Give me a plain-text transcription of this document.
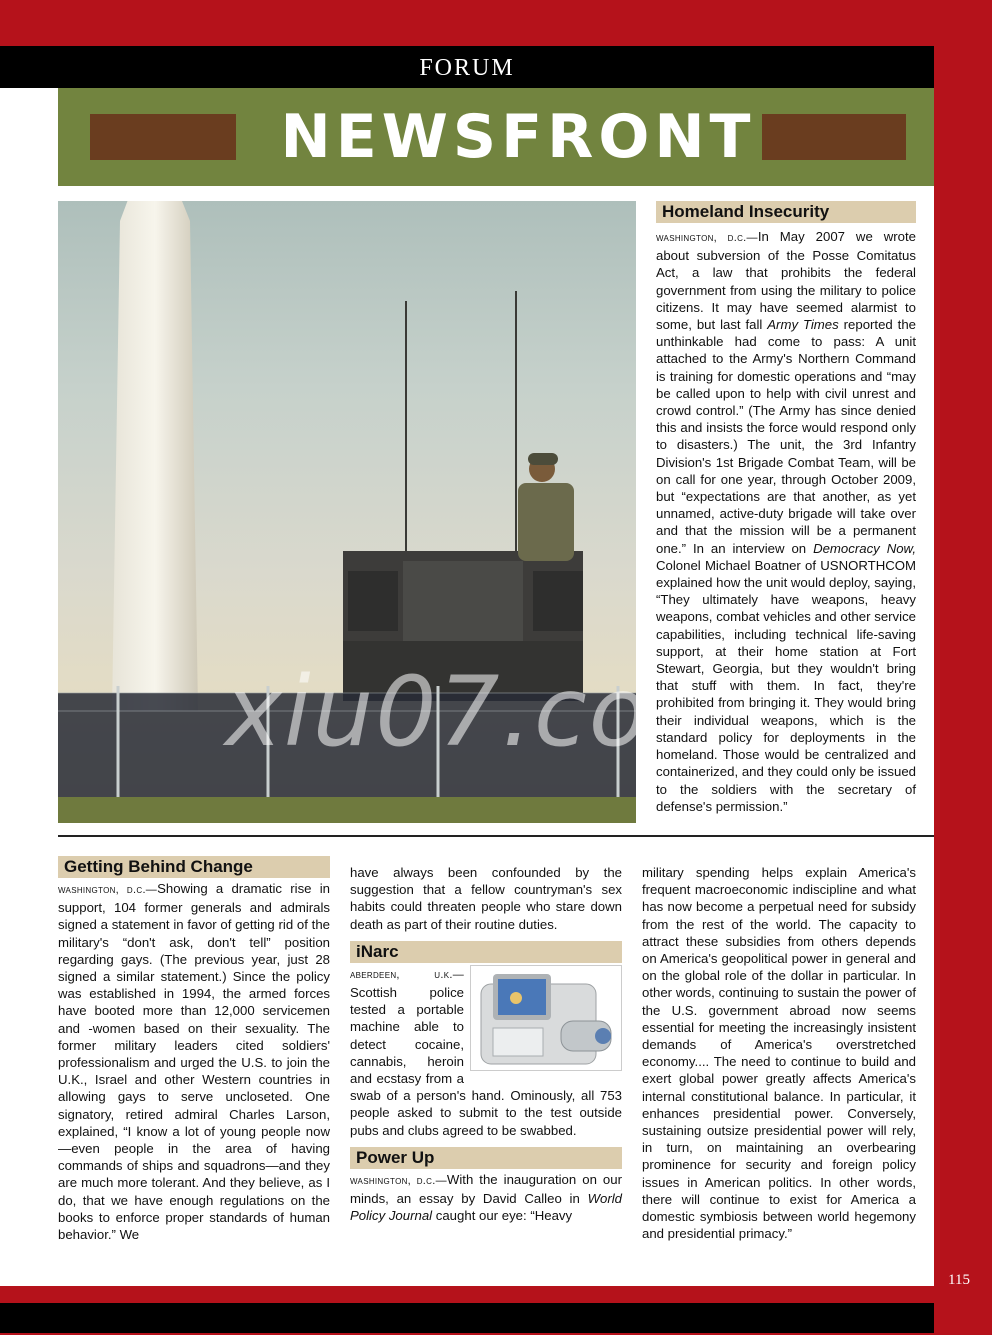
FORUM
NEWSFRONT
Homeland Insecurity
washington, d.c.—In May 2007 we wrote about subversion of the Posse Comitatus Act, a law that prohibits the federal government from using the military to police citizens. It may have seemed alarmist to some, but last fall Army Times reported the unthinkable had come to pass: A unit attached to the Army's Northern Command is training for domestic operations and “may be called upon to help with civil unrest and crowd control.” (The Army has since denied this and insists the force would respond only to disasters.) The unit, the 3rd Infantry Division's 1st Brigade Combat Team, will be on call for one year, through October 2009, but “expectations are that another, as yet unnamed, active-duty brigade will take over and that the mission will be a permanent one.” In an interview on Democracy Now, Colonel Michael Boatner of USNORTHCOM explained how the unit would deploy, saying, “They ultimately have weapons, heavy weapons, combat vehicles and other service capabilities, including technical life-saving support, at their home station at Fort Stewart, Georgia, but they wouldn't bring that stuff with them. In fact, they're prohibited from bringing it. They would bring their individual weapons, which is the standard policy for deployments in the homeland. Those would be centralized and containerized, and they could only be issued to the soldiers with the secretary of defense's permission.”
Getting Behind Change
washington, d.c.—Showing a dramatic rise in support, 104 former generals and admirals signed a statement in favor of getting rid of the military's “don't ask, don't tell” position regarding gays. (The previous year, just 28 signed a similar statement.) Since the policy was established in 1994, the armed forces have booted more than 12,000 servicemen and -women based on their sexuality. The former military leaders cited soldiers' professionalism and urged the U.S. to join the U.K., Israel and other Western countries in allowing gays to serve uncloseted. One signatory, retired admiral Charles Larson, explained, “I know a lot of young people now—even people in the area of having commands of ships and squadrons—and they are much more tolerant. And they believe, as I do, that we have enough regulations on the books to enforce proper standards of human behavior.” We
have always been confounded by the suggestion that a fellow countryman's sex habits could threaten people who stare down death as part of their routine duties.
iNarc
aberdeen, u.k.—Scottish police tested a portable machine able to detect cocaine, cannabis, heroin and ecstasy from a swab of a person's hand. Ominously, all 753 people asked to submit to the test outside pubs and clubs agreed to be swabbed.
Power Up
washington, d.c.—With the inauguration on our minds, an essay by David Calleo in World Policy Journal caught our eye: “Heavy
military spending helps explain America's frequent macroeconomic indiscipline and what has now become a perpetual need for subsidy from the rest of the world. The capacity to attract these subsidies from others depends on America's geopolitical power in general and on the global role of the dollar in particular. In other words, continuing to sustain the power of the U.S. government abroad now seems essential for meeting the increasingly insistent demands of America's overstretched economy.... The need to continue to build and exert global power greatly affects America's internal constitutional balance. In particular, it enhances presidential power. Conversely, sustaining outsize presidential power will rely, in turn, on maintaining an overbearing prominence for security and foreign policy issues in American politics. In other words, there will continue to exist for America a domestic symbiosis between world hegemony and presidential primacy.”
xiu07.co
115
